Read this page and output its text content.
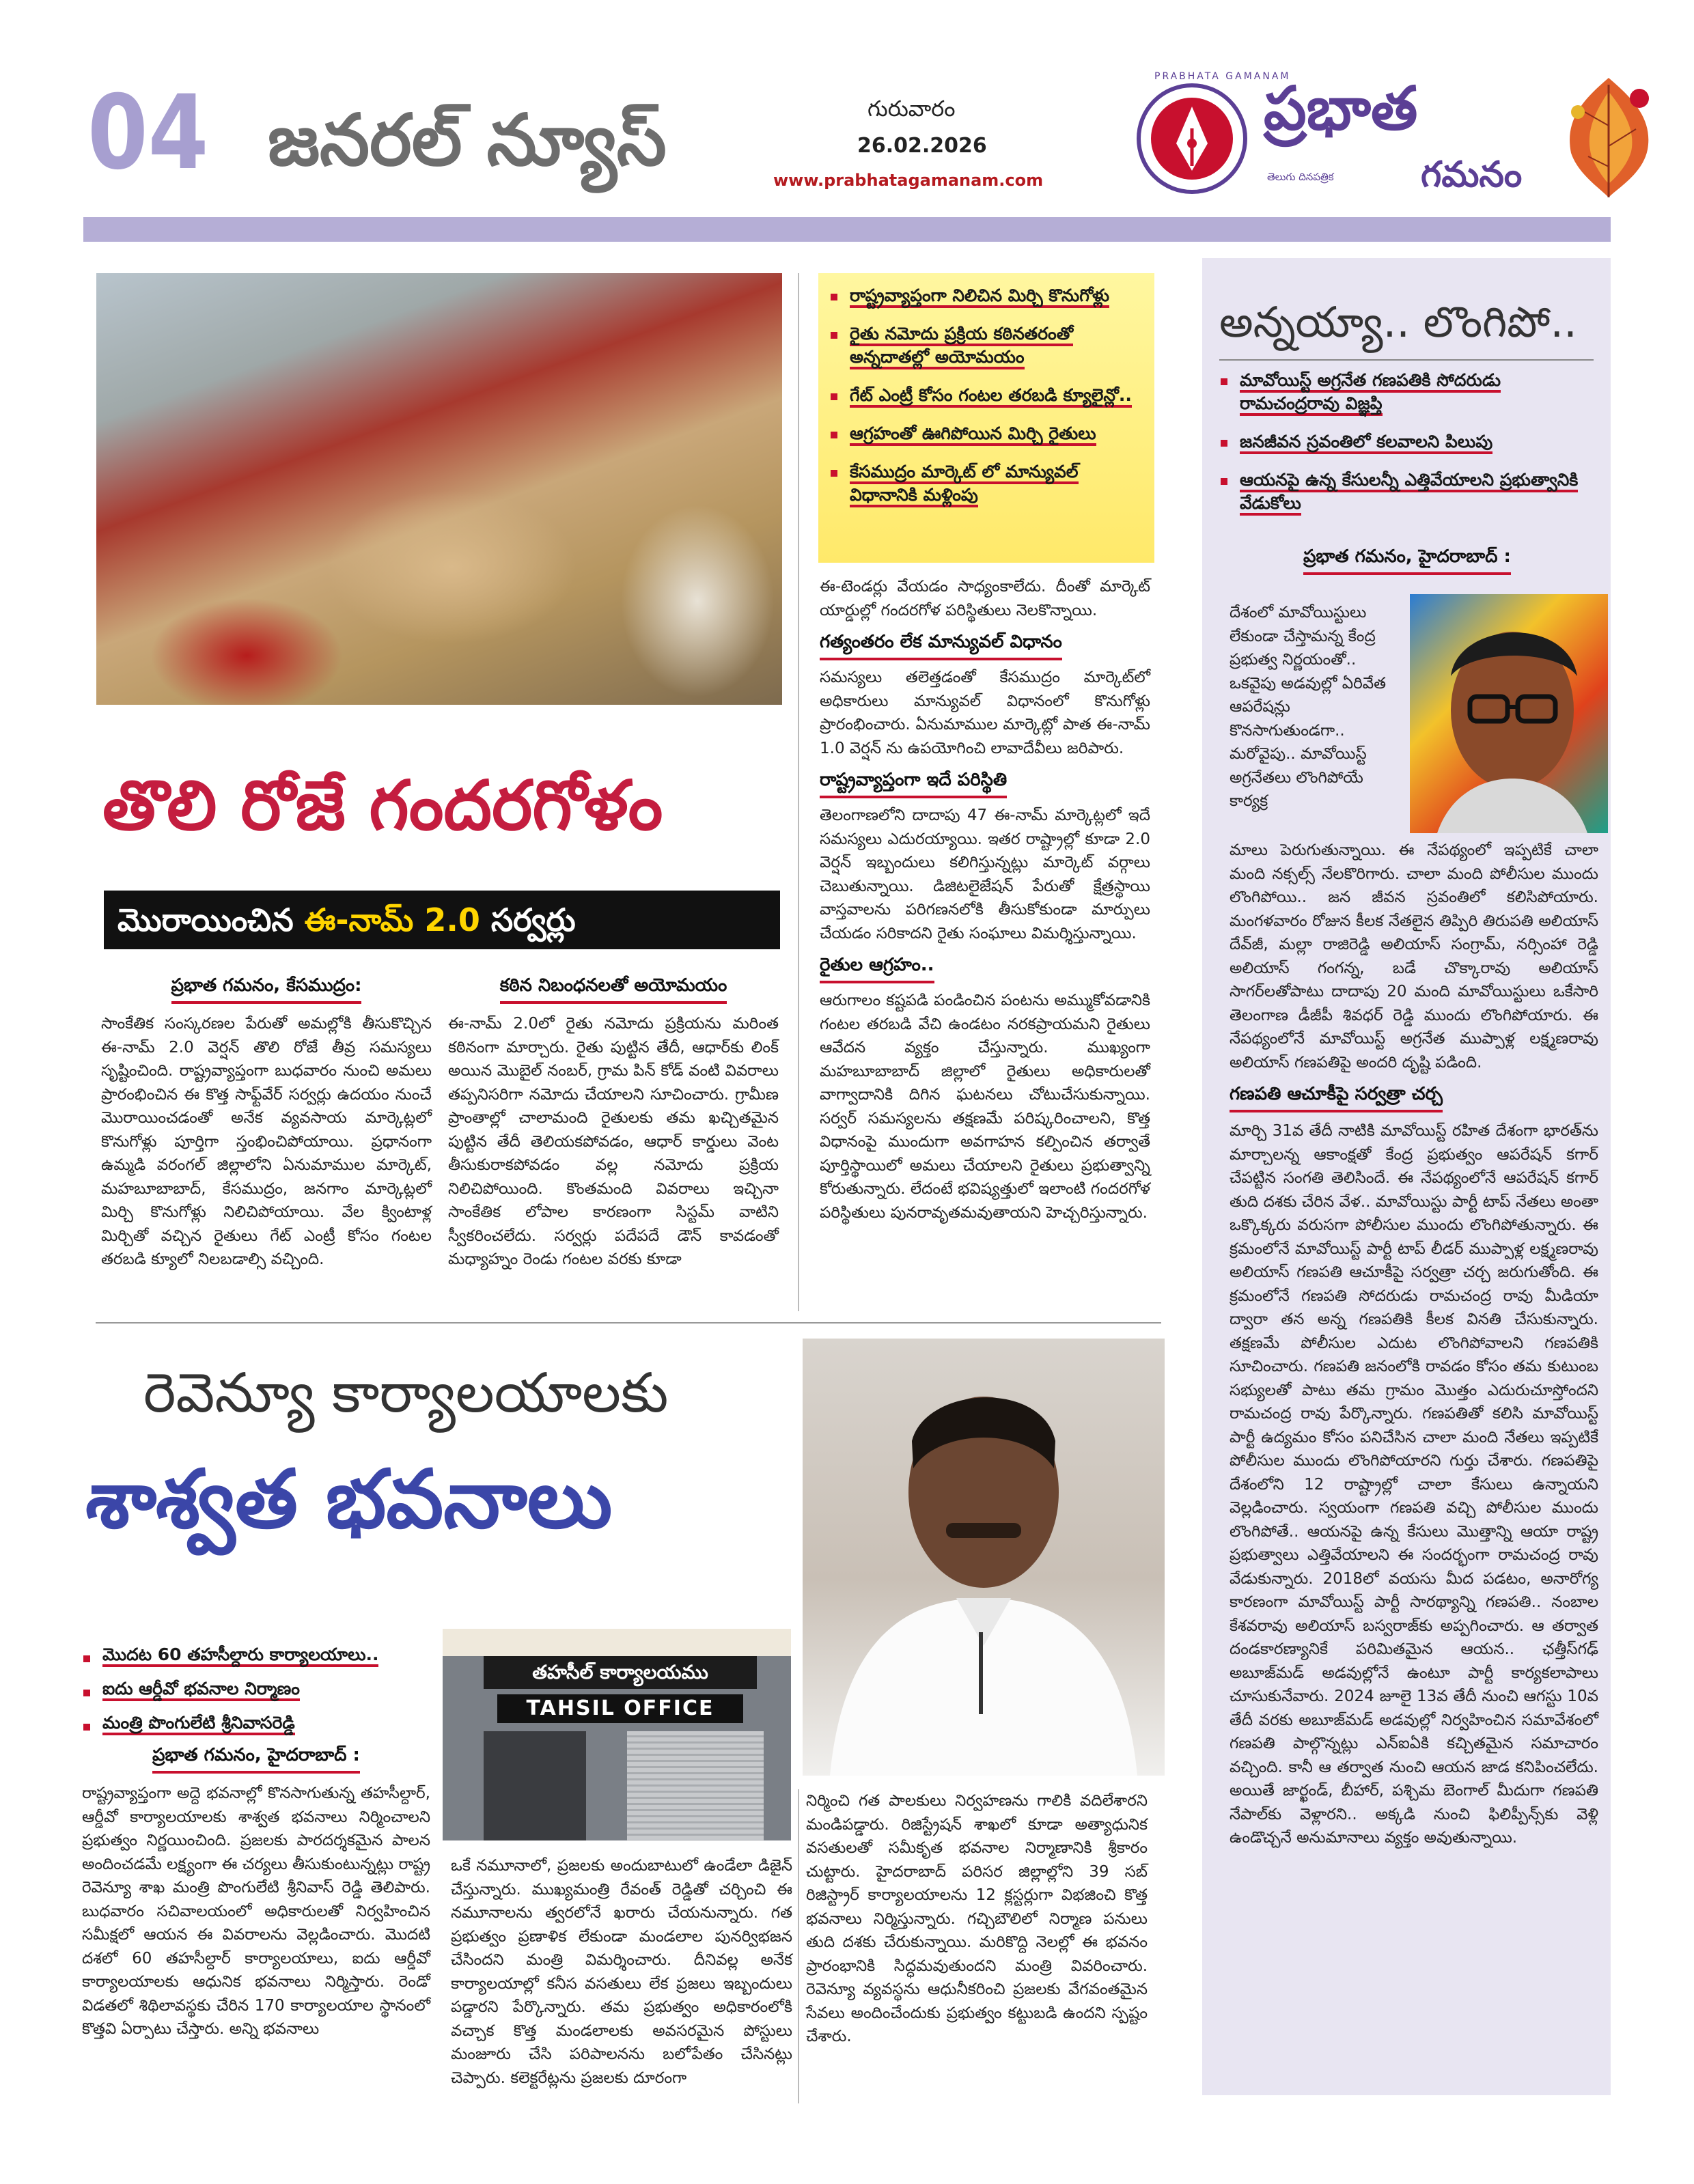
04 జనరల్ న్యూస్	గురువారం
26.02.2026
www.prabhatagamanam.com
PRABHATA GAMANAM
ప్రభాత
గమనం
తెలుగు దినపత్రిక
రాష్ట్రవ్యాప్తంగా నిలిచిన మిర్చి కొనుగోళ్లు
రైతు నమోదు ప్రక్రియ కఠినతరంతో అన్నదాతల్లో అయోమయం
గేట్ ఎంట్రీ కోసం గంటల తరబడి క్యూలైన్లో..
ఆగ్రహంతో ఊగిపోయిన మిర్చి రైతులు
కేసముద్రం మార్కెట్ లో మాన్యువల్ విధానానికి మళ్లింపు

ఈ-టెండర్లు వేయడం సాధ్యంకాలేదు. దీంతో మార్కెట్ యార్డుల్లో గందరగోళ పరిస్థితులు నెలకొన్నాయి.

గత్యంతరం లేక మాన్యువల్ విధానం

సమస్యలు తలెత్తడంతో కేసముద్రం మార్కెట్‌లో అధికారులు మాన్యువల్ విధానంలో కొనుగోళ్లు ప్రారంభించారు. ఏనుమాముల మార్కెట్లో పాత ఈ-నామ్ 1.0 వెర్షన్ ను ఉపయోగించి లావాదేవీలు జరిపారు.

రాష్ట్రవ్యాప్తంగా ఇదే పరిస్థితి

తెలంగాణలోని దాదాపు 47 ఈ-నామ్ మార్కెట్లలో ఇదే సమస్యలు ఎదురయ్యాయి. ఇతర రాష్ట్రాల్లో కూడా 2.0 వెర్షన్ ఇబ్బందులు కలిగిస్తున్నట్లు మార్కెట్ వర్గాలు చెబుతున్నాయి. డిజిటలైజేషన్ పేరుతో క్షేత్రస్థాయి వాస్తవాలను పరిగణనలోకి తీసుకోకుండా మార్పులు చేయడం సరికాదని రైతు సంఘాలు విమర్శిస్తున్నాయి.

రైతుల ఆగ్రహం..

ఆరుగాలం కష్టపడి పండించిన పంటను అమ్ముకోవడానికి గంటల తరబడి వేచి ఉండటం నరకప్రాయమని రైతులు ఆవేదన వ్యక్తం చేస్తున్నారు. ముఖ్యంగా మహబూబాబాద్ జిల్లాలో రైతులు అధికారులతో వాగ్వాదానికి దిగిన ఘటనలు చోటుచేసుకున్నాయి. సర్వర్ సమస్యలను తక్షణమే పరిష్కరించాలని, కొత్త విధానంపై ముందుగా అవగాహన కల్పించిన తర్వాతే పూర్తిస్థాయిలో అమలు చేయాలని రైతులు ప్రభుత్వాన్ని కోరుతున్నారు. లేదంటే భవిష్యత్తులో ఇలాంటి గందరగోళ పరిస్థితులు పునరావృతమవుతాయని హెచ్చరిస్తున్నారు.

తొలి రోజే గందరగోళం
మొరాయించిన ఈ-నామ్ 2.0 సర్వర్లు
ప్రభాత గమనం, కేసముద్రం:

సాంకేతిక సంస్కరణల పేరుతో అమల్లోకి తీసుకొచ్చిన ఈ-నామ్ 2.0 వెర్షన్ తొలి రోజే తీవ్ర సమస్యలు సృష్టించింది. రాష్ట్రవ్యాప్తంగా బుధవారం నుంచి అమలు ప్రారంభించిన ఈ కొత్త సాఫ్ట్‌వేర్ సర్వర్లు ఉదయం నుంచే మొరాయించడంతో అనేక వ్యవసాయ మార్కెట్లలో కొనుగోళ్లు పూర్తిగా స్తంభించిపోయాయి. ప్రధానంగా ఉమ్మడి వరంగల్ జిల్లాలోని ఏనుమాముల మార్కెట్, మహబూబాబాద్, కేసముద్రం, జనగాం మార్కెట్లలో మిర్చి కొనుగోళ్లు నిలిచిపోయాయి. వేల క్వింటాళ్ల మిర్చితో వచ్చిన రైతులు గేట్ ఎంట్రీ కోసం గంటల తరబడి క్యూలో నిలబడాల్సి వచ్చింది.

కఠిన నిబంధనలతో అయోమయం

ఈ-నామ్ 2.0లో రైతు నమోదు ప్రక్రియను మరింత కఠినంగా మార్చారు. రైతు పుట్టిన తేదీ, ఆధార్‌కు లింక్ అయిన మొబైల్ నంబర్, గ్రామ పిన్ కోడ్ వంటి వివరాలు తప్పనిసరిగా నమోదు చేయాలని సూచించారు. గ్రామీణ ప్రాంతాల్లో చాలామంది రైతులకు తమ ఖచ్చితమైన పుట్టిన తేదీ తెలియకపోవడం, ఆధార్ కార్డులు వెంట తీసుకురాకపోవడం వల్ల నమోదు ప్రక్రియ నిలిచిపోయింది. కొంతమంది వివరాలు ఇచ్చినా సాంకేతిక లోపాల కారణంగా సిస్టమ్ వాటిని స్వీకరించలేదు. సర్వర్లు పదేపదే డౌన్ కావడంతో మధ్యాహ్నం రెండు గంటల వరకు కూడా

రెవెన్యూ కార్యాలయాలకు
శాశ్వత భవనాలు
మొదట 60 తహసీల్దారు కార్యాలయాలు..
ఐదు ఆర్డీవో భవనాల నిర్మాణం
మంత్రి పొంగులేటి శ్రీనివాసరెడ్డి
తహసీల్ కార్యాలయము
TAHSIL OFFICE
ప్రభాత గమనం, హైదరాబాద్ :

రాష్ట్రవ్యాప్తంగా అద్దె భవనాల్లో కొనసాగుతున్న తహసీల్దార్, ఆర్డీవో కార్యాలయాలకు శాశ్వత భవనాలు నిర్మించాలని ప్రభుత్వం నిర్ణయించింది. ప్రజలకు పారదర్శకమైన పాలన అందించడమే లక్ష్యంగా ఈ చర్యలు తీసుకుంటున్నట్లు రాష్ట్ర రెవెన్యూ శాఖ మంత్రి పొంగులేటి శ్రీనివాస్ రెడ్డి తెలిపారు. బుధవారం సచివాలయంలో అధికారులతో నిర్వహించిన సమీక్షలో ఆయన ఈ వివరాలను వెల్లడించారు. మొదటి దశలో 60 తహసీల్దార్ కార్యాలయాలు, ఐదు ఆర్డీవో కార్యాలయాలకు ఆధునిక భవనాలు నిర్మిస్తారు. రెండో విడతలో శిథిలావస్థకు చేరిన 170 కార్యాలయాల స్థానంలో కొత్తవి ఏర్పాటు చేస్తారు. అన్ని భవనాలు

ఒకే నమూనాలో, ప్రజలకు అందుబాటులో ఉండేలా డిజైన్ చేస్తున్నారు. ముఖ్యమంత్రి రేవంత్ రెడ్డితో చర్చించి ఈ నమూనాలను త్వరలోనే ఖరారు చేయనున్నారు. గత ప్రభుత్వం ప్రణాళిక లేకుండా మండలాల పునర్విభజన చేసిందని మంత్రి విమర్శించారు. దీనివల్ల అనేక కార్యాలయాల్లో కనీస వసతులు లేక ప్రజలు ఇబ్బందులు పడ్డారని పేర్కొన్నారు. తమ ప్రభుత్వం అధికారంలోకి వచ్చాక కొత్త మండలాలకు అవసరమైన పోస్టులు మంజూరు చేసి పరిపాలనను బలోపేతం చేసినట్లు చెప్పారు. కలెక్టరేట్లను ప్రజలకు దూరంగా

నిర్మించి గత పాలకులు నిర్వహణను గాలికి వదిలేశారని మండిపడ్డారు. రిజిస్ట్రేషన్ శాఖలో కూడా అత్యాధునిక వసతులతో సమీకృత భవనాల నిర్మాణానికి శ్రీకారం చుట్టారు. హైదరాబాద్ పరిసర జిల్లాల్లోని 39 సబ్ రిజిస్ట్రార్ కార్యాలయాలను 12 క్లస్టర్లుగా విభజించి కొత్త భవనాలు నిర్మిస్తున్నారు. గచ్చిబౌలిలో నిర్మాణ పనులు తుది దశకు చేరుకున్నాయి. మరికొద్ది నెలల్లో ఈ భవనం ప్రారంభానికి సిద్ధమవుతుందని మంత్రి వివరించారు. రెవెన్యూ వ్యవస్థను ఆధునీకరించి ప్రజలకు వేగవంతమైన సేవలు అందించేందుకు ప్రభుత్వం కట్టుబడి ఉందని స్పష్టం చేశారు.

అన్నయ్యా.. లొంగిపో..
మావోయిస్ట్ అగ్రనేత గణపతికి సోదరుడు రామచంద్రరావు విజ్ఞప్తి
జనజీవన స్రవంతిలో కలవాలని పిలుపు
ఆయనపై ఉన్న కేసులన్నీ ఎత్తివేయాలని ప్రభుత్వానికి వేడుకోలు
ప్రభాత గమనం, హైదరాబాద్ :

దేశంలో మావోయిస్టులు లేకుండా చేస్తామన్న కేంద్ర ప్రభుత్వ నిర్ణయంతో.. ఒకవైపు అడవుల్లో ఏరివేత ఆపరేషన్లు కొనసాగుతుండగా.. మరోవైపు.. మావోయిస్ట్ అగ్రనేతలు లొంగిపోయే కార్యక్ర

మాలు పెరుగుతున్నాయి. ఈ నేపథ్యంలో ఇప్పటికే చాలా మంది నక్సల్స్ నేలకొరిగారు. చాలా మంది పోలీసుల ముందు లొంగిపోయి.. జన జీవన స్రవంతిలో కలిసిపోయారు. మంగళవారం రోజున కీలక నేతలైన తిప్పిరి తిరుపతి అలియాస్ దేవ్‌జీ, మల్లా రాజిరెడ్డి అలియాస్ సంగ్రామ్, నర్సింహా రెడ్డి అలియాస్ గంగన్న, బడే చొక్కారావు అలియాస్ సాగర్‌లతోపాటు దాదాపు 20 మంది మావోయిస్టులు ఒకేసారి తెలంగాణ డీజీపీ శివధర్ రెడ్డి ముందు లొంగిపోయారు. ఈ నేపథ్యంలోనే మావోయిస్ట్ అగ్రనేత ముప్పాళ్ల లక్ష్మణరావు అలియాస్ గణపతిపై అందరి దృష్టి పడింది.

గణపతి ఆచూకీపై సర్వత్రా చర్చ

మార్చి 31వ తేదీ నాటికి మావోయిస్ట్ రహిత దేశంగా భారత్‌ను మార్చాలన్న ఆకాంక్షతో కేంద్ర ప్రభుత్వం ఆపరేషన్ కగార్ చేపట్టిన సంగతి తెలిసిందే. ఈ నేపథ్యంలోనే ఆపరేషన్ కగార్ తుది దశకు చేరిన వేళ.. మావోయిస్టు పార్టీ టాప్ నేతలు అంతా ఒక్కొక్కరు వరుసగా పోలీసుల ముందు లొంగిపోతున్నారు. ఈ క్రమంలోనే మావోయిస్ట్ పార్టీ టాప్ లీడర్ ముప్పాళ్ల లక్ష్మణరావు అలియాస్ గణపతి ఆచూకీపై సర్వత్రా చర్చ జరుగుతోంది. ఈ క్రమంలోనే గణపతి సోదరుడు రామచంద్ర రావు మీడియా ద్వారా తన అన్న గణపతికి కీలక వినతి చేసుకున్నారు. తక్షణమే పోలీసుల ఎదుట లొంగిపోవాలని గణపతికి సూచించారు. గణపతి జనంలోకి రావడం కోసం తమ కుటుంబ సభ్యులతో పాటు తమ గ్రామం మొత్తం ఎదురుచూస్తోందని రామచంద్ర రావు పేర్కొన్నారు. గణపతితో కలిసి మావోయిస్ట్ పార్టీ ఉద్యమం కోసం పనిచేసిన చాలా మంది నేతలు ఇప్పటికే పోలీసుల ముందు లొంగిపోయారని గుర్తు చేశారు. గణపతిపై దేశంలోని 12 రాష్ట్రాల్లో చాలా కేసులు ఉన్నాయని వెల్లడించారు. స్వయంగా గణపతి వచ్చి పోలీసుల ముందు లొంగిపోతే.. ఆయనపై ఉన్న కేసులు మొత్తాన్ని ఆయా రాష్ట్ర ప్రభుత్వాలు ఎత్తివేయాలని ఈ సందర్భంగా రామచంద్ర రావు వేడుకున్నారు. 2018లో వయసు మీద పడటం, అనారోగ్య కారణంగా మావోయిస్ట్ పార్టీ సారథ్యాన్ని గణపతి.. నంబాల కేశవరావు అలియాస్ బస్వరాజ్‌కు అప్పగించారు. ఆ తర్వాత దండకారణ్యానికే పరిమితమైన ఆయన.. ఛత్తీస్‌గఢ్ అబూజ్‌మడ్ అడవుల్లోనే ఉంటూ పార్టీ కార్యకలాపాలు చూసుకునేవారు. 2024 జూలై 13వ తేదీ నుంచి ఆగస్టు 10వ తేదీ వరకు అబూజ్‌మడ్ అడవుల్లో నిర్వహించిన సమావేశంలో గణపతి పాల్గొన్నట్లు ఎన్ఐఏకి కచ్చితమైన సమాచారం వచ్చింది. కానీ ఆ తర్వాత నుంచి ఆయన జాడ కనిపించలేదు. అయితే జార్ఖండ్, బీహార్, పశ్చిమ బెంగాల్ మీదుగా గణపతి నేపాల్‌కు వెళ్లారని.. అక్కడి నుంచి ఫిలిప్పీన్స్‌కు వెళ్లి ఉండొచ్చనే అనుమానాలు వ్యక్తం అవుతున్నాయి.
